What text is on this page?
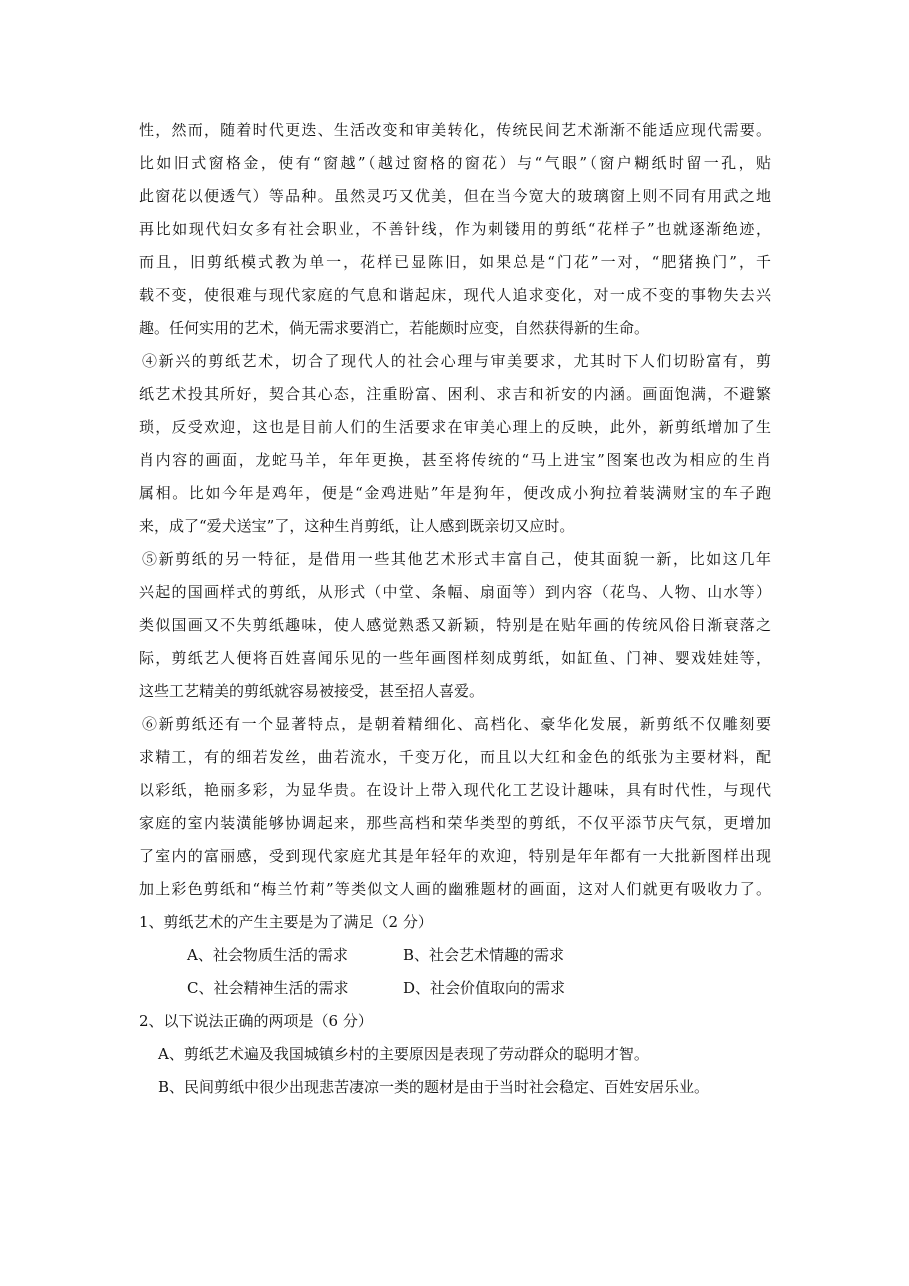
性，然而，随着时代更迭、生活改变和审美转化，传统民间艺术渐渐不能适应现代需要。
比如旧式窗格金，使有“窗越”（越过窗格的窗花）与“气眼”（窗户糊纸时留一孔，贴
此窗花以便透气）等品种。虽然灵巧又优美，但在当今宽大的玻璃窗上则不同有用武之地
再比如现代妇女多有社会职业，不善针线，作为刺镂用的剪纸“花样子”也就逐渐绝迹，
而且，旧剪纸模式教为单一，花样已显陈旧，如果总是“门花”一对，“肥猪换门”，千
载不变，使很难与现代家庭的气息和谐起床，现代人追求变化，对一成不变的事物失去兴
趣。任何实用的艺术，倘无需求要消亡，若能颇时应变，自然获得新的生命。
④新兴的剪纸艺术，切合了现代人的社会心理与审美要求，尤其时下人们切盼富有，剪
纸艺术投其所好，契合其心态，注重盼富、困利、求吉和祈安的内涵。画面饱满，不避繁
琐，反受欢迎，这也是目前人们的生活要求在审美心理上的反映，此外，新剪纸增加了生
肖内容的画面，龙蛇马羊，年年更换，甚至将传统的“马上进宝”图案也改为相应的生肖
属相。比如今年是鸡年，便是“金鸡进贴”年是狗年，便改成小狗拉着装满财宝的车子跑
来，成了“爱犬送宝”了，这种生肖剪纸，让人感到既亲切又应时。
⑤新剪纸的另一特征，是借用一些其他艺术形式丰富自己，使其面貌一新，比如这几年
兴起的国画样式的剪纸，从形式（中堂、条幅、扇面等）到内容（花鸟、人物、山水等）
类似国画又不失剪纸趣味，使人感觉熟悉又新颖，特别是在贴年画的传统风俗日渐衰落之
际，剪纸艺人便将百姓喜闻乐见的一些年画图样刻成剪纸，如缸鱼、门神、婴戏娃娃等，
这些工艺精美的剪纸就容易被接受，甚至招人喜爱。
⑥新剪纸还有一个显著特点，是朝着精细化、高档化、豪华化发展，新剪纸不仅雕刻要
求精工，有的细若发丝，曲若流水，千变万化，而且以大红和金色的纸张为主要材料，配
以彩纸，艳丽多彩，为显华贵。在设计上带入现代化工艺设计趣味，具有时代性，与现代
家庭的室内装潢能够协调起来，那些高档和荣华类型的剪纸，不仅平添节庆气氛，更增加
了室内的富丽感，受到现代家庭尤其是年轻年的欢迎，特别是年年都有一大批新图样出现
加上彩色剪纸和“梅兰竹莉”等类似文人画的幽雅题材的画面，这对人们就更有吸收力了。
1、剪纸艺术的产生主要是为了满足（2 分）
A、社会物质生活的需求	B、社会艺术情趣的需求
C、社会精神生活的需求	D、社会价值取向的需求
2、以下说法正确的两项是（6 分）
A、剪纸艺术遍及我国城镇乡村的主要原因是表现了劳动群众的聪明才智。
B、民间剪纸中很少出现悲苦凄凉一类的题材是由于当时社会稳定、百姓安居乐业。
